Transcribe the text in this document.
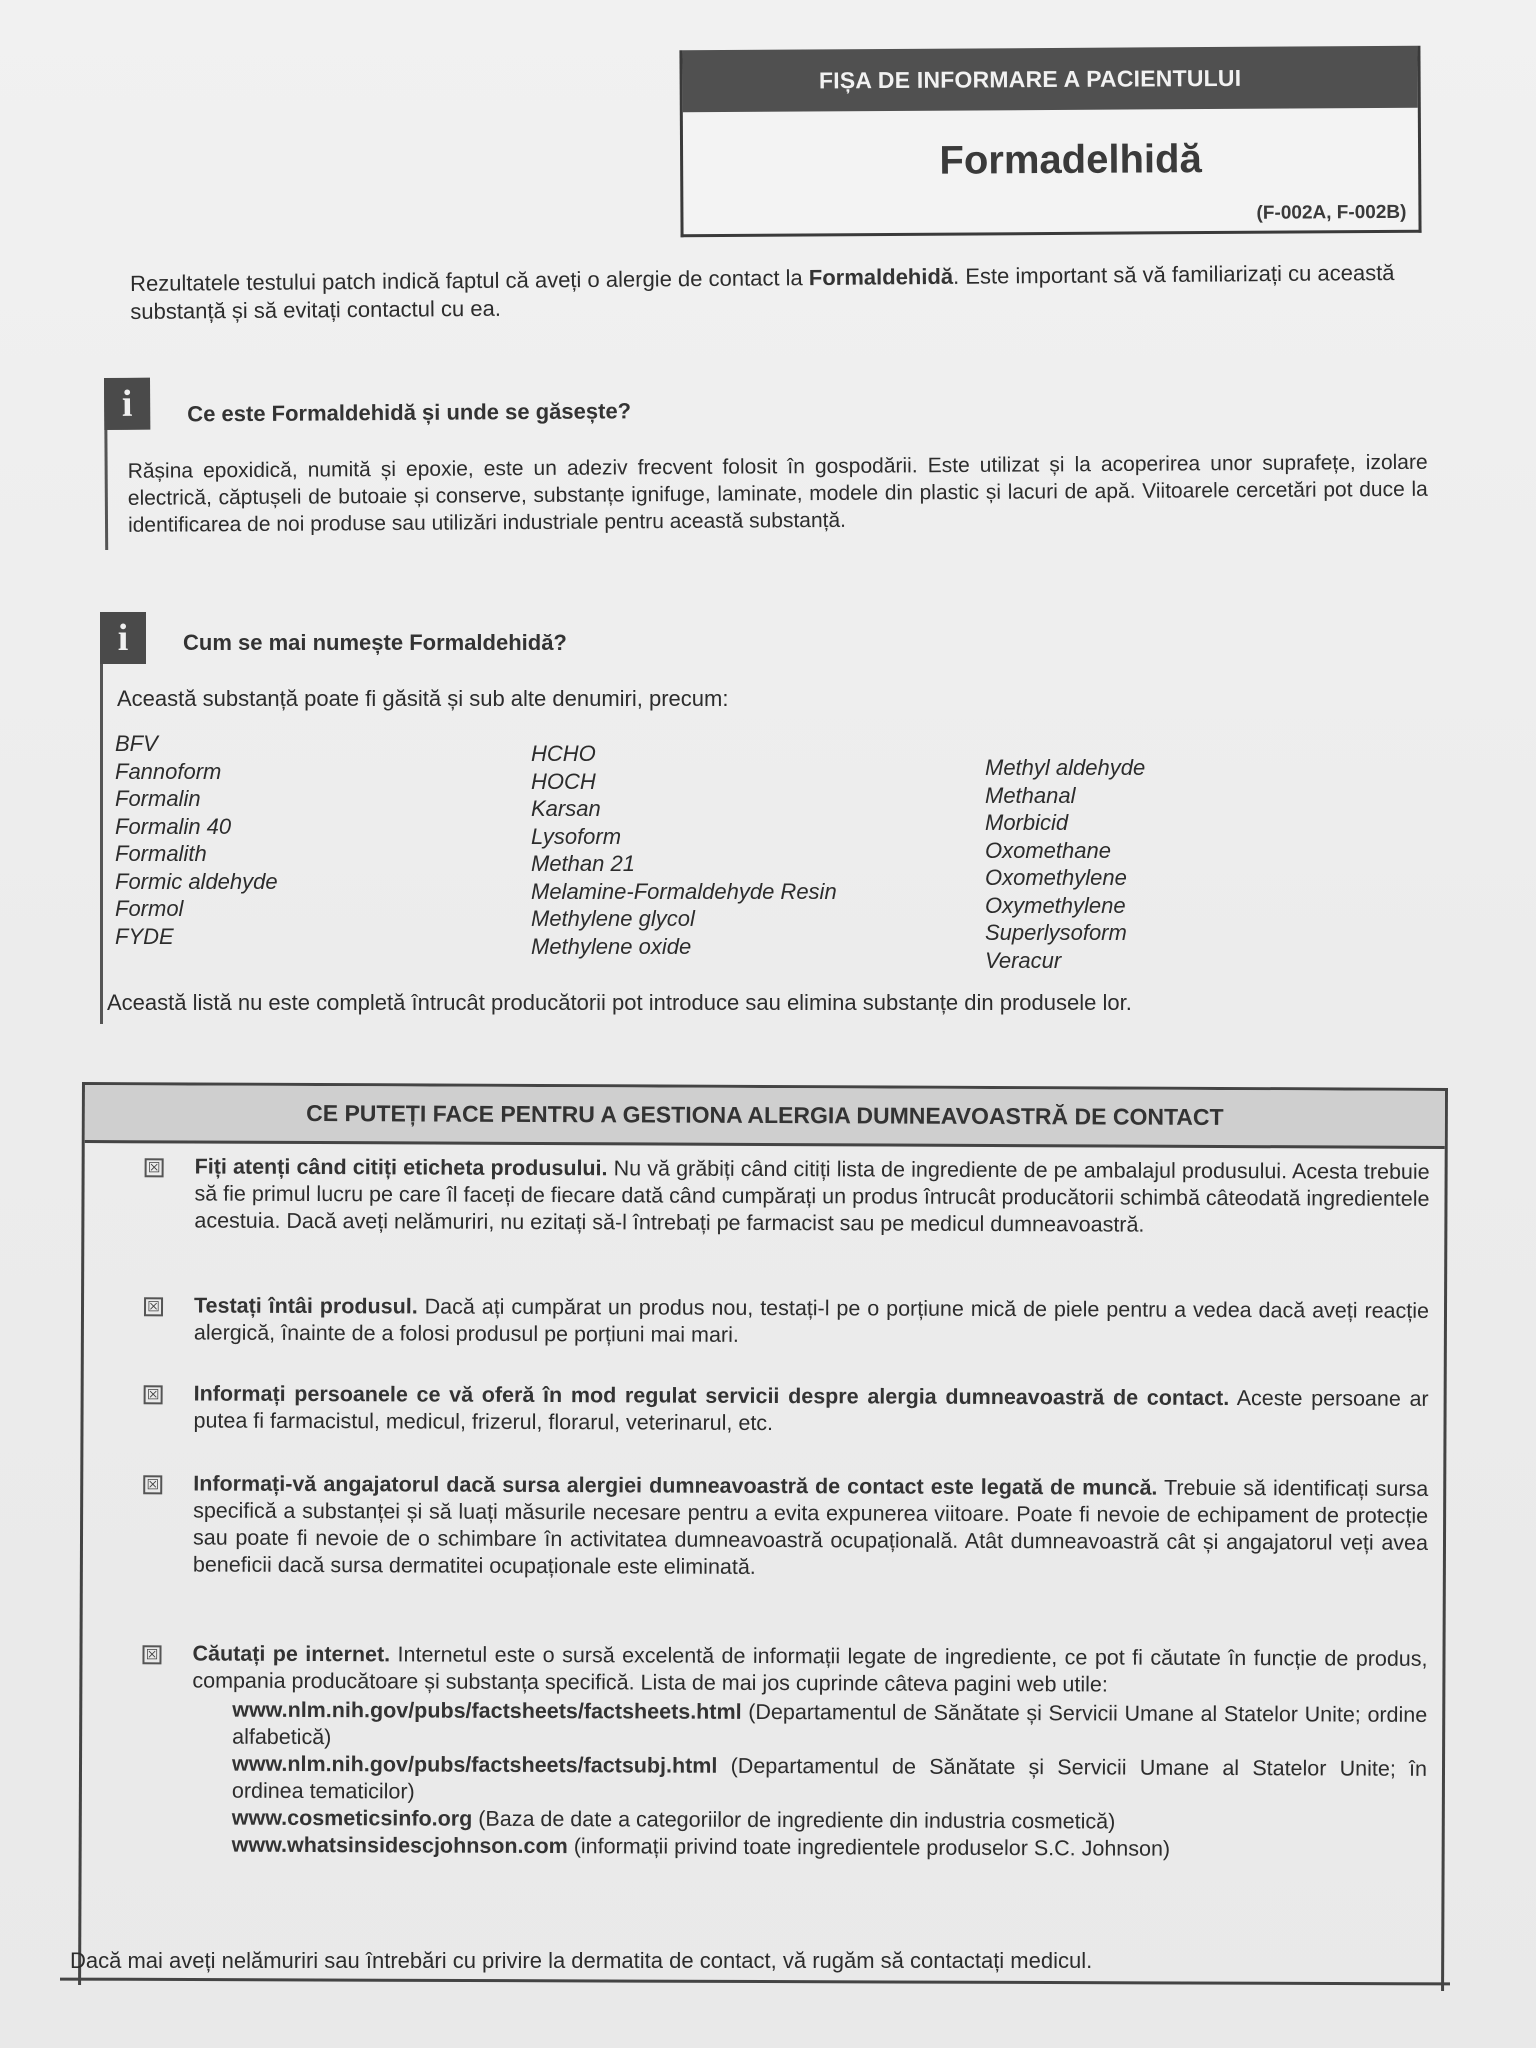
FIȘA DE INFORMARE A PACIENTULUI
Formadelhidă
(F-002A, F-002B)
Rezultatele testului patch indică faptul că aveți o alergie de contact la Formaldehidă. Este important să vă familiarizați cu această substanță și să evitați contactul cu ea.
i	Ce este Formaldehidă și unde se găsește?
Rășina epoxidică, numită și epoxie, este un adeziv frecvent folosit în gospodării. Este utilizat și la acoperirea unor suprafețe, izolare electrică, căptușeli de butoaie și conserve, substanțe ignifuge, laminate, modele din plastic și lacuri de apă. Viitoarele cercetări pot duce la identificarea de noi produse sau utilizări industriale pentru această substanță.
i	Cum se mai numește Formaldehidă?
Această substanță poate fi găsită și sub alte denumiri, precum:
BFV
Fannoform
Formalin
Formalin 40
Formalith
Formic aldehyde
Formol
FYDE
HCHO
HOCH
Karsan
Lysoform
Methan 21
Melamine-Formaldehyde Resin
Methylene glycol
Methylene oxide
Methyl aldehyde
Methanal
Morbicid
Oxomethane
Oxomethylene
Oxymethylene
Superlysoform
Veracur
Această listă nu este completă întrucât producătorii pot introduce sau elimina substanțe din produsele lor.
CE PUTEȚI FACE PENTRU A GESTIONA ALERGIA DUMNEAVOASTRĂ DE CONTACT
☒ Fiți atenți când citiți eticheta produsului. Nu vă grăbiți când citiți lista de ingrediente de pe ambalajul produsului. Acesta trebuie să fie primul lucru pe care îl faceți de fiecare dată când cumpărați un produs întrucât producătorii schimbă câteodată ingredientele acestuia. Dacă aveți nelămuriri, nu ezitați să-l întrebați pe farmacist sau pe medicul dumneavoastră.
☒ Testați întâi produsul. Dacă ați cumpărat un produs nou, testați-l pe o porțiune mică de piele pentru a vedea dacă aveți reacție alergică, înainte de a folosi produsul pe porțiuni mai mari.
☒ Informați persoanele ce vă oferă în mod regulat servicii despre alergia dumneavoastră de contact. Aceste persoane ar putea fi farmacistul, medicul, frizerul, florarul, veterinarul, etc.
☒ Informați-vă angajatorul dacă sursa alergiei dumneavoastră de contact este legată de muncă. Trebuie să identificați sursa specifică a substanței și să luați măsurile necesare pentru a evita expunerea viitoare. Poate fi nevoie de echipament de protecție sau poate fi nevoie de o schimbare în activitatea dumneavoastră ocupațională. Atât dumneavoastră cât și angajatorul veți avea beneficii dacă sursa dermatitei ocupaționale este eliminată.
☒ Căutați pe internet. Internetul este o sursă excelentă de informații legate de ingrediente, ce pot fi căutate în funcție de produs, compania producătoare și substanța specifică. Lista de mai jos cuprinde câteva pagini web utile:
www.nlm.nih.gov/pubs/factsheets/factsheets.html (Departamentul de Sănătate și Servicii Umane al Statelor Unite; ordine alfabetică)
www.nlm.nih.gov/pubs/factsheets/factsubj.html (Departamentul de Sănătate și Servicii Umane al Statelor Unite; în ordinea tematicilor)
www.cosmeticsinfo.org (Baza de date a categoriilor de ingrediente din industria cosmetică)
www.whatsinsidescjohnson.com (informații privind toate ingredientele produselor S.C. Johnson)
Dacă mai aveți nelămuriri sau întrebări cu privire la dermatita de contact, vă rugăm să contactați medicul.
